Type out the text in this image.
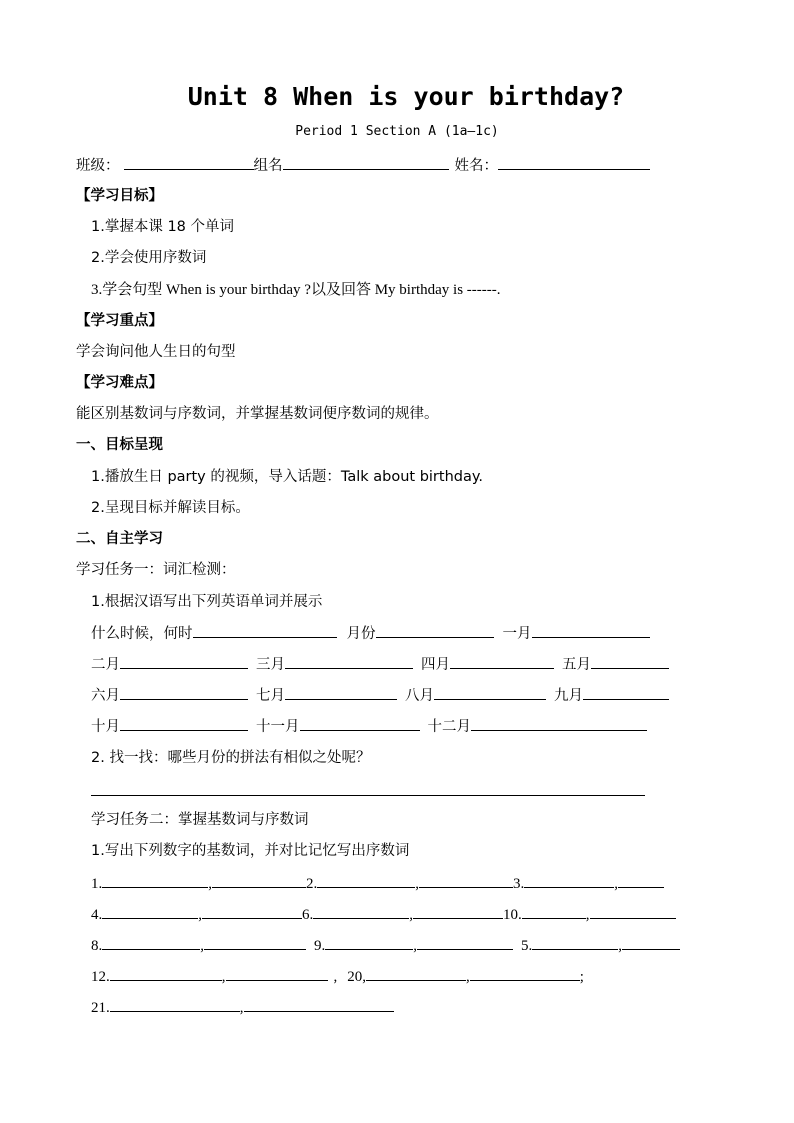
Unit 8 When is your birthday?
Period 1 Section A (1a—1c)
班级：	组名	姓名：
【学习目标】
1.掌握本课 18 个单词
2.学会使用序数词
3.学会句型 When is your birthday ?以及回答 My birthday is ------.
【学习重点】
学会询问他人生日的句型
【学习难点】
能区别基数词与序数词，并掌握基数词便序数词的规律。
一、目标呈现
1.播放生日 party 的视频，导入话题：Talk about birthday.
2.呈现目标并解读目标。
二、自主学习
学习任务一：词汇检测：
1.根据汉语写出下列英语单词并展示
什么时候，何时	月份	一月
二月	三月	四月	五月
六月	七月	八月	九月
十月	十一月	十二月
2. 找一找：哪些月份的拼法有相似之处呢？
学习任务二：掌握基数词与序数词
1.写出下列数字的基数词，并对比记忆写出序数词
1.	,	2.	,	3.	,
4.	,	6.	,	10.	,
8.	,	9.	,	5.	,
12.	,	, 20,	,	;
21.	,
